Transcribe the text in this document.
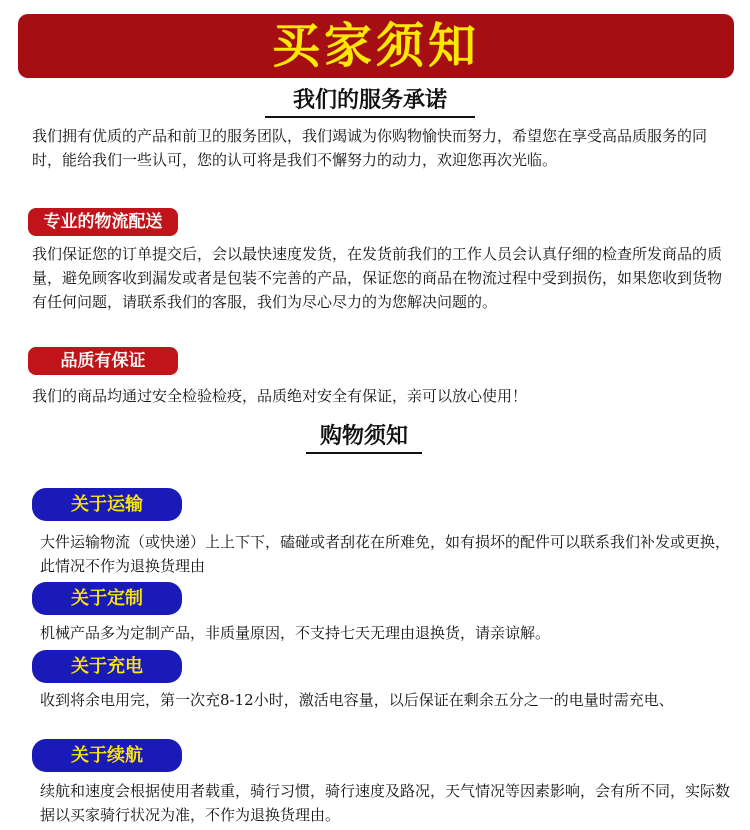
买家须知
我们的服务承诺
我们拥有优质的产品和前卫的服务团队，我们竭诚为你购物愉快而努力，希望您在享受高品质服务的同时，能给我们一些认可，您的认可将是我们不懈努力的动力，欢迎您再次光临。
专业的物流配送
我们保证您的订单提交后，会以最快速度发货，在发货前我们的工作人员会认真仔细的检查所发商品的质量，避免顾客收到漏发或者是包装不完善的产品，保证您的商品在物流过程中受到损伤，如果您收到货物有任何问题，请联系我们的客服，我们为尽心尽力的为您解决问题的。
品质有保证
我们的商品均通过安全检验检疫，品质绝对安全有保证，亲可以放心使用！
购物须知
关于运输
大件运输物流（或快递）上上下下，磕碰或者刮花在所难免，如有损坏的配件可以联系我们补发或更换，此情况不作为退换货理由
关于定制
机械产品多为定制产品，非质量原因，不支持七天无理由退换货，请亲谅解。
关于充电
收到将余电用完，第一次充8-12小时，激活电容量，以后保证在剩余五分之一的电量时需充电、
关于续航
续航和速度会根据使用者载重，骑行习惯，骑行速度及路况，天气情况等因素影响，会有所不同，实际数据以买家骑行状况为准，不作为退换货理由。
